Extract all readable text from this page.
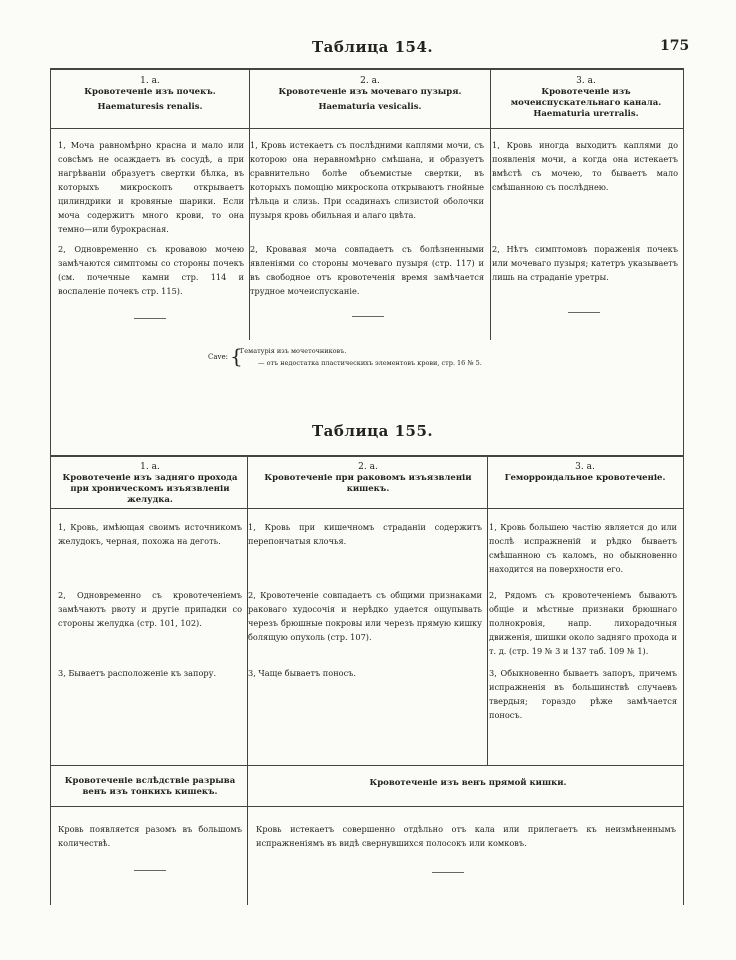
Таблица 154.	175
1. а.
Кровотеченіе изъ почекъ.
Haematuresis renalis.
2. а.
Кровотеченіе изъ мочеваго пузыря.
Haematuria vesicalis.
3. а.
Кровотеченіе изъ мочеиспускательнаго канала.
Haematuria urетralis.
1, Моча равномѣрно красна и мало или совсѣмъ не осаждаетъ въ сосудѣ, а при нагрѣваніи образуетъ свертки бѣлка, въ которыхъ микроскопъ открываетъ цилиндрики и кровяные шарики. Если моча содержитъ много крови, то она темно—или бурокрасная.
2, Одновременно съ кровавою мочею замѣчаются симптомы со стороны почекъ (см. почечные камни стр. 114 и воспаленіе почекъ стр. 115).
1, Кровь истекаетъ съ послѣдними каплями мочи, съ которою она неравномѣрно смѣшана, и образуетъ сравнительно болѣе объемистые свертки, въ которыхъ помощію микроскопа открываютъ гнойные тѣльца и слизь. При ссадинахъ слизистой оболочки пузыря кровь обильная и алаго цвѣта.
2, Кровавая моча совпадаетъ съ болѣзненными явленіями со стороны мочеваго пузыря (стр. 117) и въ свободное отъ кровотеченія время замѣчается трудное мочеиспусканіе.
1, Кровь иногда выходитъ каплями до появленія мочи, а когда она истекаетъ вмѣстѣ съ мочею, то бываетъ мало смѣшанною съ послѣднею.
2, Нѣтъ симптомовъ пораженія почекъ или мочеваго пузыря; катетръ указываетъ лишь на страданіе уретры.
Cave: {
Гематурія изъ мочеточниковъ.
— отъ недостатка пластическихъ элементовъ крови, стр. 16 № 5.
Таблица 155.
1. а.
Кровотеченіе изъ задняго прохода при хроническомъ изъязвленіи желудка.
2. а.
Кровотеченіе при раковомъ изъязвленіи кишекъ.
3. а.
Геморроидальное кровотеченіе.
1, Кровь, имѣющая своимъ источникомъ желудокъ, черная, похожа на деготь.
2, Одновременно съ кровотеченіемъ замѣчаютъ рвоту и другіе припадки со стороны желудка (стр. 101, 102).
3, Бываетъ расположеніе къ запору.
1, Кровь при кишечномъ страданіи содержитъ перепончатыя клочья.
2, Кровотеченіе совпадаетъ съ общими признаками раковаго худосочія и нерѣдко удается ощупывать черезъ брюшные покровы или черезъ прямую кишку болящую опухоль (стр. 107).
3, Чаще бываетъ поносъ.
1, Кровь большею частію является до или послѣ испражненій и рѣдко бываетъ смѣшанною съ каломъ, но обыкновенно находится на поверхности его.
2, Рядомъ съ кровотеченіемъ бываютъ общіе и мѣстные признаки брюшнаго полнокровія, напр. лихорадочныя движенія, шишки около задняго прохода и т. д. (стр. 19 № 3 и 137 таб. 109 № 1).
3, Обыкновенно бываетъ запоръ, причемъ испражненія въ большинствѣ случаевъ твердыя; гораздо рѣже замѣчается поносъ.
Кровотеченіе вслѣдствіе разрыва венъ изъ тонкихъ кишекъ.
Кровотеченіе изъ венъ прямой кишки.
Кровь появляется разомъ въ большомъ количествѣ.
Кровь истекаетъ совершенно отдѣльно отъ кала или прилегаетъ къ неизмѣненнымъ испражненіямъ въ видѣ свернувшихся полосокъ или комковъ.
